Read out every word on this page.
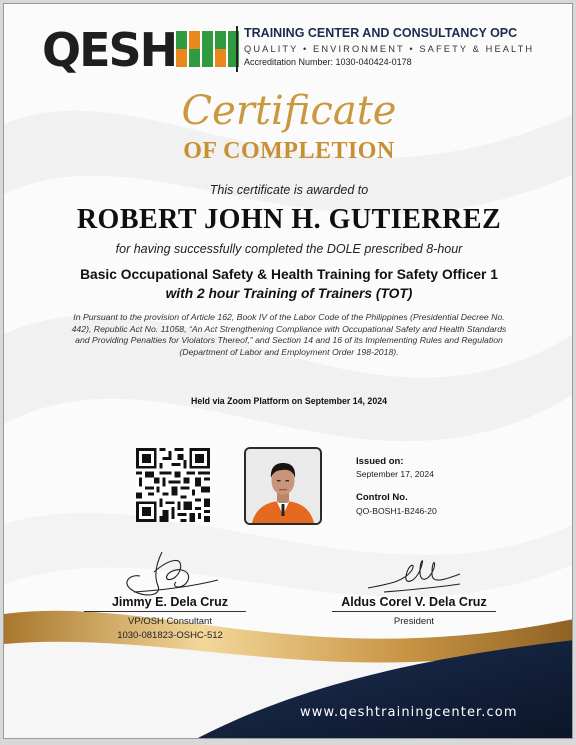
QESH	TRAINING CENTER AND CONSULTANCY OPC
QUALITY • ENVIRONMENT • SAFETY & HEALTH
Accreditation Number: 1030-040424-0178
Certificate
OF COMPLETION
This certificate is awarded to
ROBERT JOHN H. GUTIERREZ
for having successfully completed the DOLE prescribed 8-hour
Basic Occupational Safety & Health Training for Safety Officer 1
with 2 hour Training of Trainers (TOT)
In Pursuant to the provision of Article 162, Book IV of the Labor Code of the Philippines (Presidential Decree No. 442), Republic Act No. 11058, “An Act Strengthening Compliance with Occupational Safety and Health Standards and Providing Penalties for Violators Thereof,” and Section 14 and 16 of its Implementing Rules and Regulation (Department of Labor and Employment Order 198-2018).
Held via Zoom Platform on September 14, 2024
Issued on:
September 17, 2024
Control No.
QO-BOSH1-B246-20
Jimmy E. Dela Cruz
VP/OSH Consultant
1030-081823-OSHC-512
Aldus Corel V. Dela Cruz
President
www.qeshtrainingcenter.com
